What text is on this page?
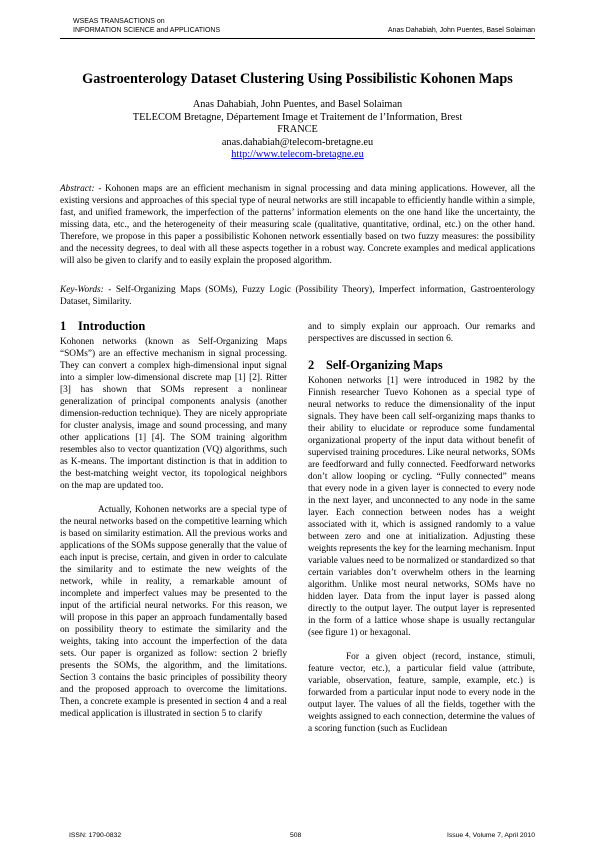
WSEAS TRANSACTIONS on
INFORMATION SCIENCE and APPLICATIONS	Anas Dahabiah, John Puentes, Basel Solaiman
Gastroenterology Dataset Clustering Using Possibilistic Kohonen Maps
Anas Dahabiah, John Puentes, and Basel Solaiman
TELECOM Bretagne, Département Image et Traitement de l’Information, Brest
FRANCE
anas.dahabiah@telecom-bretagne.eu
http://www.telecom-bretagne.eu
Abstract: - Kohonen maps are an efficient mechanism in signal processing and data mining applications. However, all the existing versions and approaches of this special type of neural networks are still incapable to efficiently handle within a simple, fast, and unified framework, the imperfection of the patterns’ information elements on the one hand like the uncertainty, the missing data, etc., and the heterogeneity of their measuring scale (qualitative, quantitative, ordinal, etc.) on the other hand. Therefore, we propose in this paper a possibilistic Kohonen network essentially based on two fuzzy measures: the possibility and the necessity degrees, to deal with all these aspects together in a robust way. Concrete examples and medical applications will also be given to clarify and to easily explain the proposed algorithm.
Key-Words: - Self-Organizing Maps (SOMs), Fuzzy Logic (Possibility Theory), Imperfect information, Gastroenterology Dataset, Similarity.
1 Introduction

Kohonen networks (known as Self-Organizing Maps “SOMs”) are an effective mechanism in signal processing. They can convert a complex high-dimensional input signal into a simpler low-dimensional discrete map [1] [2]. Ritter [3] has shown that SOMs represent a nonlinear generalization of principal components analysis (another dimension-reduction technique). They are nicely appropriate for cluster analysis, image and sound processing, and many other applications [1] [4]. The SOM training algorithm resembles also to vector quantization (VQ) algorithms, such as K-means. The important distinction is that in addition to the best-matching weight vector, its topological neighbors on the map are updated too.

Actually, Kohonen networks are a special type of the neural networks based on the competitive learning which is based on similarity estimation. All the previous works and applications of the SOMs suppose generally that the value of each input is precise, certain, and given in order to calculate the similarity and to estimate the new weights of the network, while in reality, a remarkable amount of incomplete and imperfect values may be presented to the input of the artificial neural networks. For this reason, we will propose in this paper an approach fundamentally based on possibility theory to estimate the similarity and the weights, taking into account the imperfection of the data sets. Our paper is organized as follow: section 2 briefly presents the SOMs, the algorithm, and the limitations. Section 3 contains the basic principles of possibility theory and the proposed approach to overcome the limitations. Then, a concrete example is presented in section 4 and a real medical application is illustrated in section 5 to clarify

and to simply explain our approach. Our remarks and perspectives are discussed in section 6.

2 Self-Organizing Maps

Kohonen networks [1] were introduced in 1982 by the Finnish researcher Tuevo Kohonen as a special type of neural networks to reduce the dimensionality of the input signals. They have been call self-organizing maps thanks to their ability to elucidate or reproduce some fundamental organizational property of the input data without benefit of supervised training procedures. Like neural networks, SOMs are feedforward and fully connected. Feedforward networks don’t allow looping or cycling. “Fully connected” means that every node in a given layer is connected to every node in the next layer, and unconnected to any node in the same layer. Each connection between nodes has a weight associated with it, which is assigned randomly to a value between zero and one at initialization. Adjusting these weights represents the key for the learning mechanism. Input variable values need to be normalized or standardized so that certain variables don’t overwhelm others in the learning algorithm. Unlike most neural networks, SOMs have no hidden layer. Data from the input layer is passed along directly to the output layer. The output layer is represented in the form of a lattice whose shape is usually rectangular (see figure 1) or hexagonal.

For a given object (record, instance, stimuli, feature vector, etc.), a particular field value (attribute, variable, observation, feature, sample, example, etc.) is forwarded from a particular input node to every node in the output layer. The values of all the fields, together with the weights assigned to each connection, determine the values of a scoring function (such as Euclidean

ISSN: 1790-0832	508	Issue 4, Volume 7, April 2010
